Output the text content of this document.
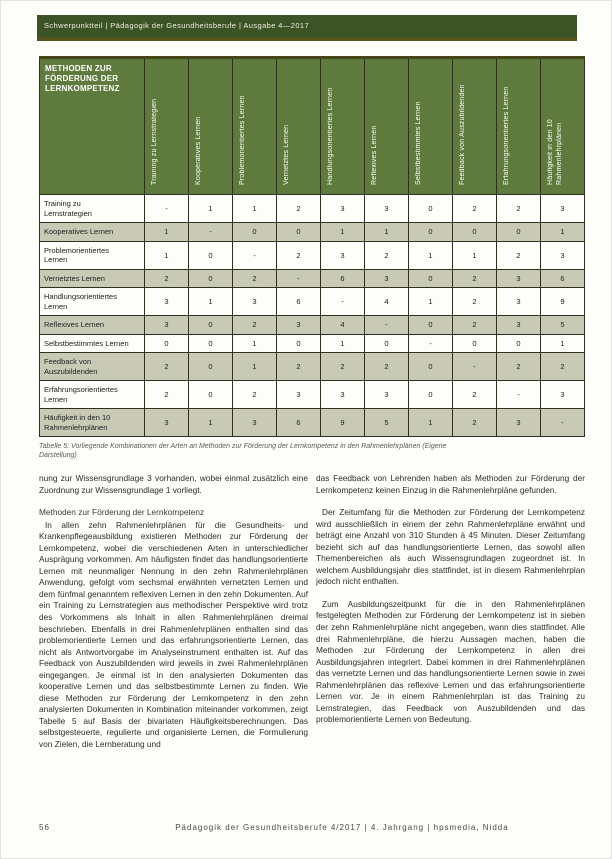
Schwerpunktteil | Pädagogik der Gesundheitsberufe | Ausgabe 4—2017
METHODEN ZUR FÖRDERUNG DER LERNKOMPETENZ	Training zu Lernstrategien	Kooperatives Lernen	Problemorientiertes Lernen	Vernetztes Lernen	Handlungsorientiertes Lernen	Reflexives Lernen	Selbstbestimmtes Lernen	Feedback von Auszubildenden	Erfahrungsorientiertes Lernen	Häufigkeit in den 10 Rahmenlehrplänen
Training zu Lernstrategien	-	1	1	2	3	3	0	2	2	3
Kooperatives Lernen	1	-	0	0	1	1	0	0	0	1
Problemorientiertes Lernen	1	0	-	2	3	2	1	1	2	3
Vernetztes Lernen	2	0	2	-	6	3	0	2	3	6
Handlungsorientiertes Lernen	3	1	3	6	-	4	1	2	3	9
Reflexives Lernen	3	0	2	3	4	-	0	2	3	5
Selbstbestimmtes Lernen	0	0	1	0	1	0	-	0	0	1
Feedback von Auszubildenden	2	0	1	2	2	2	0	-	2	2
Erfahrungsorientiertes Lernen	2	0	2	3	3	3	0	2	-	3
Häufigkeit in den 10 Rahmenlehrplänen	3	1	3	6	9	5	1	2	3	-
Tabelle 5: Vorliegende Kombinationen der Arten an Methoden zur Förderung der Lernkompetenz in den Rahmenlehrplänen (Eigene Darstellung)

nung zur Wissensgrundlage 3 vorhanden, wobei einmal zusätzlich eine Zuordnung zur Wissensgrundlage 1 vorliegt.

Methoden zur Förderung der Lernkompetenz

In allen zehn Rahmenlehrplänen für die Gesundheits- und Krankenpflegeausbildung existieren Methoden zur Förderung der Lernkompetenz, wobei die verschiedenen Arten in unterschiedlicher Ausprägung vorkommen. Am häufigsten findet das handlungsorientierte Lernen mit neunmaliger Nennung in den zehn Rahmenlehrplänen Anwendung, gefolgt vom sechsmal erwähnten vernetzten Lernen und dem fünfmal genanntem reflexiven Lernen in den zehn Dokumenten. Auf ein Training zu Lernstrategien aus methodischer Perspektive wird trotz des Vorkommens als Inhalt in allen Rahmenlehrplänen dreimal beschrieben. Ebenfalls in drei Rahmenlehrplänen enthalten sind das problemorientierte Lernen und das erfahrungsorientierte Lernen, das nicht als Antwortvorgabe im Analyseinstrument enthalten ist. Auf das Feedback von Auszubildenden wird jeweils in zwei Rahmenlehrplänen eingegangen. Je einmal ist in den analysierten Dokumenten das kooperative Lernen und das selbstbestimmte Lernen zu finden. Wie diese Methoden zur Förderung der Lernkompetenz in den zehn analysierten Dokumenten in Kombination miteinander vorkommen, zeigt Tabelle 5 auf Basis der bivariaten Häufigkeitsberechnungen. Das selbstgesteuerte, regulierte und organisierte Lernen, die Formulierung von Zielen, die Lernberatung und

das Feedback von Lehrenden haben als Methoden zur Förderung der Lernkompetenz keinen Einzug in die Rahmenlehrpläne gefunden.

Der Zeitumfang für die Methoden zur Förderung der Lernkompetenz wird ausschließlich in einem der zehn Rahmenlehrpläne erwähnt und beträgt eine Anzahl von 310 Stunden à 45 Minuten. Dieser Zeitumfang bezieht sich auf das handlungsorientierte Lernen, das sowohl allen Themenbereichen als auch Wissensgrundlagen zugeordnet ist. In welchem Ausbildungsjahr dies stattfindet, ist in diesem Rahmenlehrplan jedoch nicht enthalten.

Zum Ausbildungszeitpunkt für die in den Rahmenlehrplänen festgelegten Methoden zur Förderung der Lernkompetenz ist in sieben der zehn Rahmenlehrpläne nicht angegeben, wann dies stattfindet. Alle drei Rahmenlehrpläne, die hierzu Aussagen machen, haben die Methoden zur Förderung der Lernkompetenz in allen drei Ausbildungsjahren integriert. Dabei kommen in drei Rahmenlehrplänen das vernetzte Lernen und das handlungsorientierte Lernen sowie in zwei Rahmenlehrplänen das reflexive Lernen und das erfahrungsorientierte Lernen vor. Je in einem Rahmenlehrplan ist das Training zu Lernstrategien, das Feedback von Auszubildenden und das problemorientierte Lernen von Bedeutung.

56	Pädagogik der Gesundheitsberufe 4/2017 | 4. Jahrgang | hpsmedia, Nidda
